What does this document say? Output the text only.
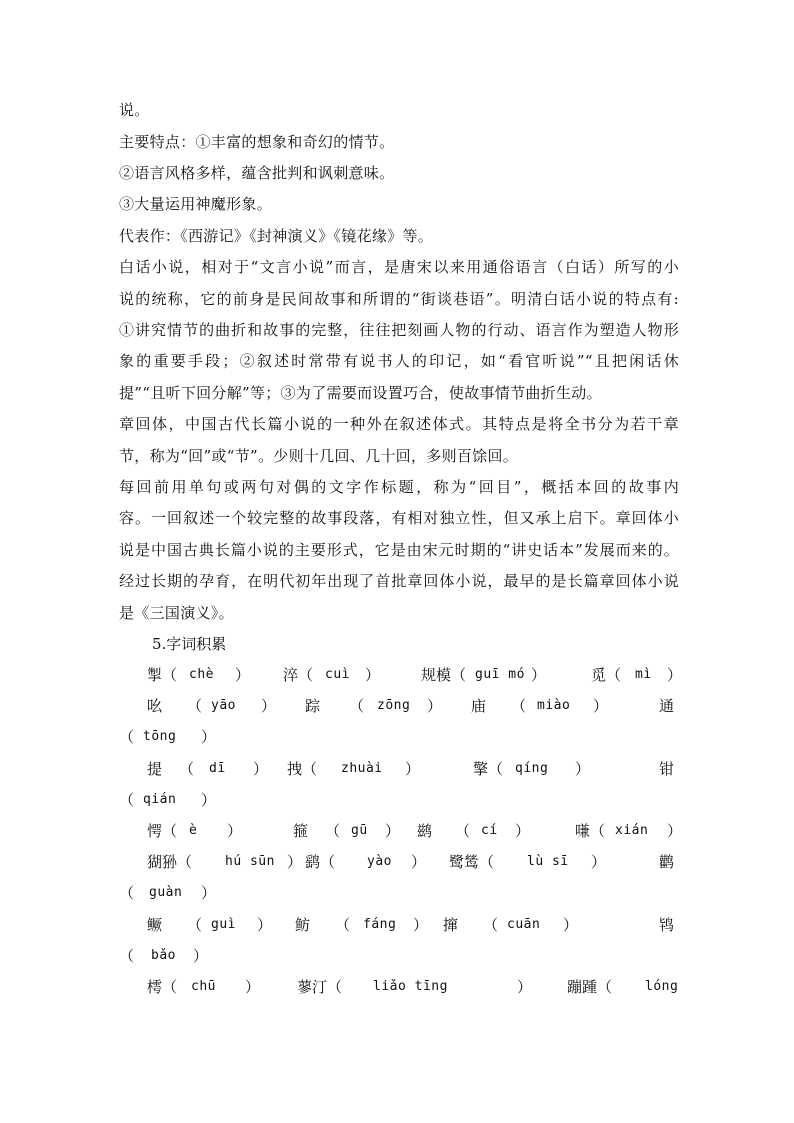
说。
主要特点：①丰富的想象和奇幻的情节。
②语言风格多样，蕴含批判和讽刺意味。
③大量运用神魔形象。
代表作：《西游记》《封神演义》《镜花缘》等。
白话小说，相对于“文言小说”而言，是唐宋以来用通俗语言（白话）所写的小
说的统称，它的前身是民间故事和所谓的“街谈巷语”。明清白话小说的特点有:
①讲究情节的曲折和故事的完整，往往把刻画人物的行动、语言作为塑造人物形
象的重要手段；②叙述时常带有说书人的印记，如“看官听说”“且把闲话休
提”“且听下回分解”等；③为了需要而设置巧合，使故事情节曲折生动。
章回体，中国古代长篇小说的一种外在叙述体式。其特点是将全书分为若干章
节，称为“回”或“节”。少则十几回、几十回，多则百馀回。
每回前用单句或两句对偶的文字作标题，称为“回目”，概括本回的故事内
容。一回叙述一个较完整的故事段落，有相对独立性，但又承上启下。章回体小
说是中国古典长篇小说的主要形式，它是由宋元时期的“讲史话本”发展而来的。
经过长期的孕育，在明代初年出现了首批章回体小说，最早的是长篇章回体小说
是《三国演义》。
5.字词积累
掣（ chè ） 淬（ cuì ）	规模（ guī mó ）	觅（ mì ）
吆 （ yāo ） 踪 （ zōng ） 庙 （ miào ）	通
（ tōng ）
提 （ dī ） 拽（ zhuài ）	擎（ qíng ）	钳
（ qián ）
愕（ è ）	箍 （ gū ） 鹚 （ cí ）	嗛（ xián ）
猢狲（	hú sūn ） 鹞（ yào ） 鹭鸶（	lù sī ）	鹳
（ guàn ）
鳜 （ guì ） 鲂 （ fáng ） 撺 （ cuān ）	鸨
（ bǎo ）
樗（ chū ） 蓼汀（ liǎo tīng	） 蹦踵（	lóng
